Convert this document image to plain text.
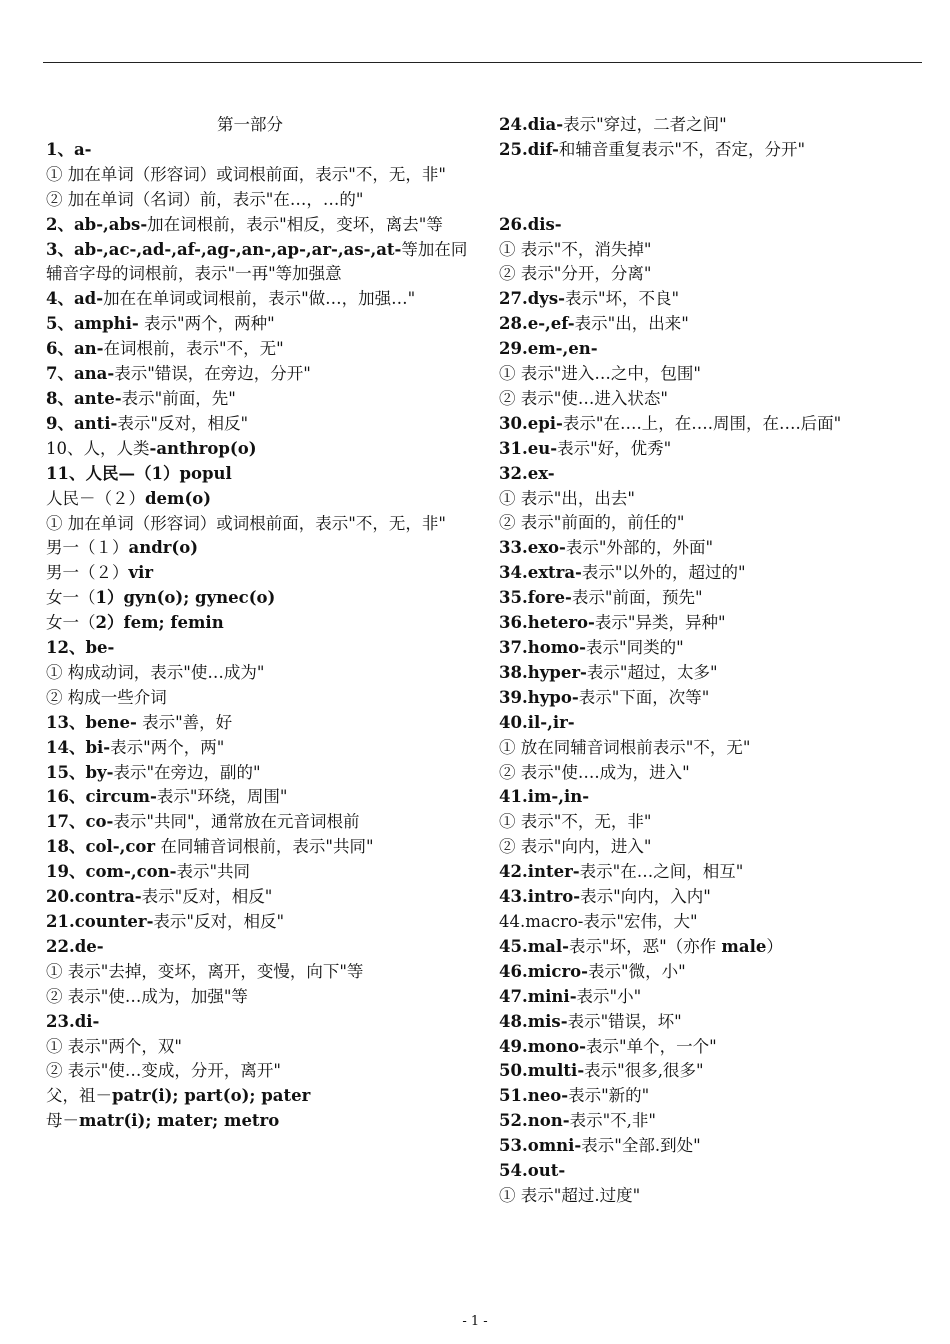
第一部分
1、a-
① 加在单词（形容词）或词根前面，表示"不，无，非"
② 加在单词（名词）前，表示"在…，…的"
2、ab-,abs-加在词根前，表示"相反，变坏，离去"等
3、ab-,ac-,ad-,af-,ag-,an-,ap-,ar-,as-,at-等加在同辅音字母的词根前，表示"一再"等加强意
4、ad-加在在单词或词根前，表示"做…，加强…"
5、amphi- 表示"两个，两种"
6、an-在词根前，表示"不，无"
7、ana-表示"错误，在旁边，分开"
8、ante-表示"前面，先"
9、anti-表示"反对，相反"
10、人，人类-anthrop(o)
11、人民—（1）popul
人民－（２）dem(o)
① 加在单词（形容词）或词根前面，表示"不，无，非"
男一（１）andr(o)
男一（２）vir
女一（1）gyn(o); gynec(o)
女一（2）fem; femin
12、be-
① 构成动词，表示"使…成为"
② 构成一些介词
13、bene- 表示"善，好
14、bi-表示"两个，两"
15、by-表示"在旁边，副的"
16、circum-表示"环绕，周围"
17、co-表示"共同"，通常放在元音词根前
18、col-,cor 在同辅音词根前，表示"共同"
19、com-,con-表示"共同
20.contra-表示"反对，相反"
21.counter-表示"反对，相反"
22.de-
① 表示"去掉，变坏，离开，变慢，向下"等
② 表示"使…成为，加强"等
23.di-
① 表示"两个，双"
② 表示"使…变成，分开，离开"
父，祖－patr(i); part(o); pater
母－matr(i); mater; metro
24.dia-表示"穿过，二者之间"
25.dif-和辅音重复表示"不，否定，分开"
26.dis-
① 表示"不，消失掉"
② 表示"分开，分离"
27.dys-表示"坏，不良"
28.e-,ef-表示"出，出来"
29.em-,en-
① 表示"进入…之中，包围"
② 表示"使…进入状态"
30.epi-表示"在….上，在….周围，在….后面"
31.eu-表示"好，优秀"
32.ex-
① 表示"出，出去"
② 表示"前面的，前任的"
33.exo-表示"外部的，外面"
34.extra-表示"以外的，超过的"
35.fore-表示"前面，预先"
36.hetero-表示"异类，异种"
37.homo-表示"同类的"
38.hyper-表示"超过，太多"
39.hypo-表示"下面，次等"
40.il-,ir-
① 放在同辅音词根前表示"不，无"
② 表示"使….成为，进入"
41.im-,in-
① 表示"不，无，非"
② 表示"向内，进入"
42.inter-表示"在…之间，相互"
43.intro-表示"向内，入内"
44.macro-表示"宏伟，大"
45.mal-表示"坏，恶"（亦作 male）
46.micro-表示"微，小"
47.mini-表示"小"
48.mis-表示"错误，坏"
49.mono-表示"单个，一个"
50.multi-表示"很多,很多"
51.neo-表示"新的"
52.non-表示"不,非"
53.omni-表示"全部.到处"
54.out-
① 表示"超过.过度"
- 1 -
